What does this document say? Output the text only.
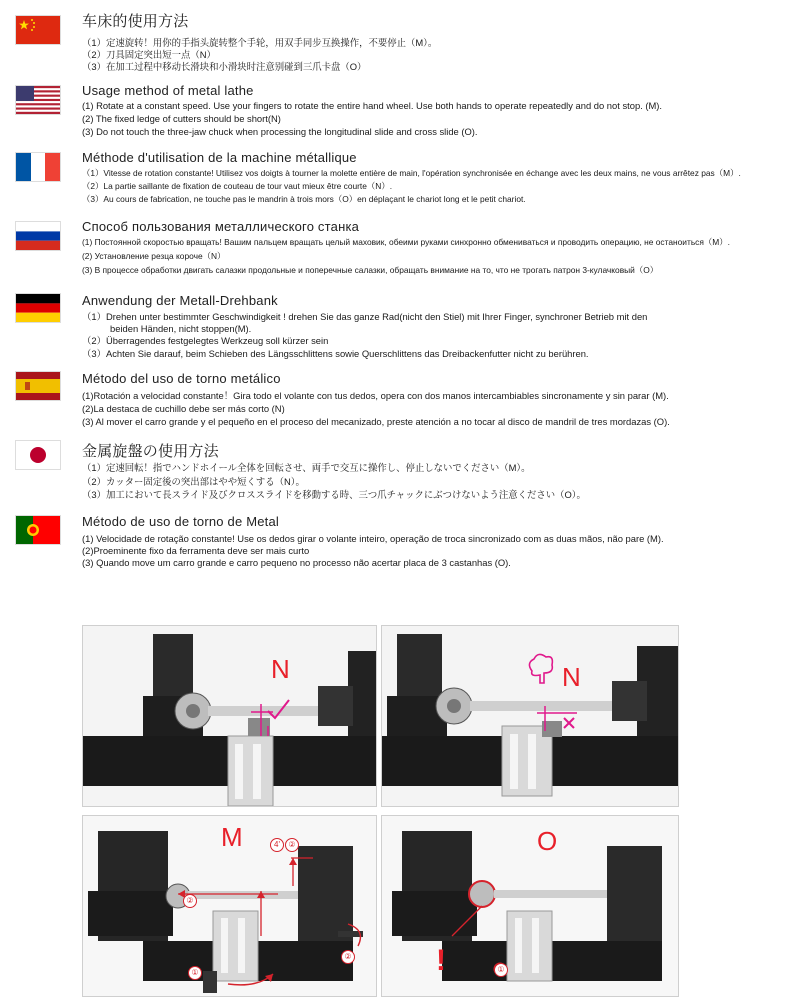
车床的使用方法
（1）定速旋转！用你的手指头旋转整个手轮，用双手同步互换操作，不要停止（M）。
（2）刀具固定突出短一点（N）
（3）在加工过程中移动长滑块和小滑块时注意别碰到三爪卡盘（O）
Usage method of metal lathe
(1) Rotate at a constant speed. Use your fingers to rotate the entire hand wheel. Use both hands to operate repeatedly and do not stop. (M).
(2) The fixed ledge of cutters should be short(N)
(3) Do not touch the three-jaw chuck when processing the longitudinal slide and cross slide (O).
Méthode d'utilisation de la machine métallique
（1）Vitesse de rotation constante! Utilisez vos doigts à tourner la molette entière de main, l'opération synchronisée en échange avec les deux mains, ne vous arrêtez pas（M）.
（2）La partie saillante de fixation de couteau de tour vaut mieux être courte（N）.
（3）Au cours de fabrication, ne touche pas le mandrin à trois mors（O）en déplaçant le chariot long et le petit chariot.
Способ пользования металлического станка
(1) Постоянной скоростью вращать! Вашим пальцем вращать целый маховик, обеими руками синхронно обмениваться и проводить операцию, не останоиться（M）.
(2) Установление резца короче（N）
(3) В процессе обработки двигать салазки продольные и поперечные салазки, обращать внимание на то, что не трогать патрон 3-кулачковый（O）
Anwendung der Metall-Drehbank
（1）Drehen unter bestimmter Geschwindigkeit ! drehen Sie das ganze Rad(nicht den Stiel) mit Ihrer Finger, synchroner Betrieb mit den
beiden Händen, nicht stoppen(M).
（2）Überragendes festgelegtes Werkzeug soll kürzer sein
（3）Achten Sie darauf, beim Schieben des Längsschlittens sowie Querschlittens das Dreibackenfutter nicht zu berühren.
Método del uso de torno metálico
(1)Rotación a velocidad constante！Gira todo el volante con tus dedos, opera con dos manos intercambiables sincronamente y sin parar (M).
(2)La destaca de cuchillo debe ser más corto (N)
(3) Al mover el carro grande y el pequeño en el proceso del mecanizado, preste atención a no tocar al disco de mandril de tres mordazas (O).
金属旋盤の使用方法
（1）定速回転！指でハンドホイール全体を回転させ、両手で交互に操作し、停止しないでください（M）。
（2）カッター固定後の突出部はやや短くする（N）。
（3）加工において長スライド及びクロススライドを移動する時、三つ爪チャックにぶつけないよう注意ください（O）。
Método de uso de torno de Metal
(1) Velocidade de rotação constante! Use os dedos girar o volante inteiro, operação de troca sincronizado com as duas mãos, não pare (M).
(2)Proeminente fixo da ferramenta deve ser mais curto
(3) Quando move um carro grande e carro pequeno no processo não acertar placa de 3 castanhas (O).
N	N
M	4'	②
②
①
②
O
①
!
